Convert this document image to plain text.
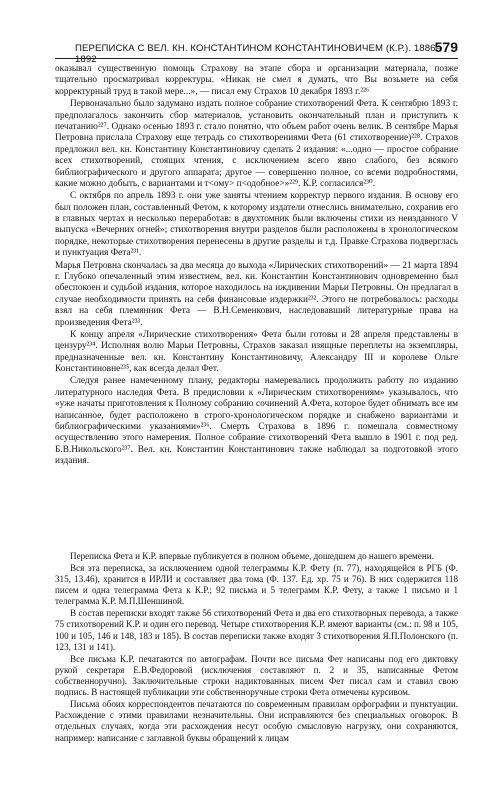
ПЕРЕПИСКА С ВЕЛ. КН. КОНСТАНТИНОМ КОНСТАНТИНОВИЧЕМ (К.Р.). 1886–1892
579

оказывал существенную помощь Страхову на этапе сбора и организации материала, позже тщательно просматривал корректуры. «Никак не смел я думать, что Вы возьмете на себя корректурный труд в такой мере...», — писал ему Страхов 10 декабря 1893 г.²²⁶

Первоначально было задумано издать полное собрание стихотворений Фета. К сентябрю 1893 г. предполагалось закончить сбор материалов, установить окончательный план и приступить к печатанию²²⁷. Однако осенью 1893 г. стало понятно, что объем работ очень велик. В сентябре Марья Петровна прислала Страхову еще тетрадь со стихотворениями Фета (61 стихотворение)²²⁸. Страхов предложил вел. кн. Константину Константиновичу сделать 2 издания: «...одно — простое собрание всех стихотворений, стоящих чтения, с исключением всего явно слабого, без всякого библиографического и другого аппарата; другое — совершенно полное, со всеми подробностями, какие можно добыть, с вариантами и т<ому> п<одобное>»²²⁹. К.Р. согласился²³⁰.

С октября по апрель 1893 г. они уже заняты чтением корректур первого издания. В основу его был положен план, составленный Фетом, к которому издатели отнеслись внимательно, сохранив его в главных чертах и несколько переработав: в двухтомник были включены стихи из неизданного V выпуска «Вечерних огней»; стихотворения внутри разделов были расположены в хронологическом порядке, некоторые стихотворения перенесены в другие разделы и т.д. Правке Страхова подверглась и пунктуация Фета²³¹.

Марья Петровна скончалась за два месяца до выхода «Лирических стихотворений» — 21 марта 1894 г. Глубоко опечаленный этим известием, вел. кн. Константин Константинович одновременно был обеспокоен и судьбой издания, которое находилось на иждивении Марьи Петровны. Он предлагал в случае необходимости принять на себя финансовые издержки²³². Этого не потребовалось: расходы взял на себя племянник Фета — В.Н.Семенкович, наследовавший литературные права на произведения Фета²³³.

К концу апреля «Лирические стихотворения» Фета были готовы и 28 апреля представлены в цензуру²³⁴. Исполняя волю Марьи Петровны, Страхов заказал изящные переплеты на экземпляры, предназначенные вел. кн. Константину Константиновичу, Александру III и королеве Ольге Константиновне²³⁵, как всегда делал Фет.

Следуя ранее намеченному плану, редакторы намеревались продолжить работу по изданию литературного наследия Фета. В предисловии к «Лирическим стихотворениям» указывалось, что «уже начаты приготовления к Полному собранию сочинений А.Фета, которое будет обнимать все им написанное, будет расположено в строго-хронологическом порядке и снабжено вариантами и библиографическими указаниями»²³⁶. Смерть Страхова в 1896 г. помешала совместному осуществлению этого намерения. Полное собрание стихотворений Фета вышло в 1901 г. под ред. Б.В.Никольского²³⁷. Вел. кн. Константин Константинович также наблюдал за подготовкой этого издания.

Переписка Фета и К.Р. впервые публикуется в полном объеме, дошедшем до нашего времени.

Вся эта переписка, за исключением одной телеграммы К.Р. Фету (п. 77), находящейся в РГБ (Ф. 315, 13.46), хранится в ИРЛИ и составляет два тома (Ф. 137. Ед. хр. 75 и 76). В них содержится 118 писем и одна телеграмма Фета к К.Р.; 92 письма и 5 телеграмм К.Р. Фету, а также 1 письмо и 1 телеграмма К.Р. М.П.Шеншиной.

В состав переписки входят также 56 стихотворений Фета и два его стихотворных перевода, а также 75 стихотворений К.Р. и один его перевод. Четыре стихотворения К.Р. имеют варианты (см.: п. 98 и 105, 100 и 105, 146 и 148, 183 и 185). В состав переписки также входят 3 стихотворения Я.П.Полонского (п. 123, 131 и 141).

Все письма К.Р. печатаются по автографам. Почти все письма Фет написаны под его диктовку рукой секретаря Е.В.Федоровой (исключения составляют п. 2 и 35, написанные Фетом собственноручно). Заключительные строки надиктованных писем Фет писал сам и ставил свою подпись. В настоящей публикации эти собственноручные строки Фета отмечены курсивом.

Письма обоих корреспондентов печатаются по современным правилам орфографии и пунктуации. Расхождение с этими правилами незначительны. Они исправляются без специальных оговорок. В отдельных случаях, когда эти расхождения несут особую смысловую нагрузку, они сохраняются, например: написание с заглавной буквы обращений к лицам
